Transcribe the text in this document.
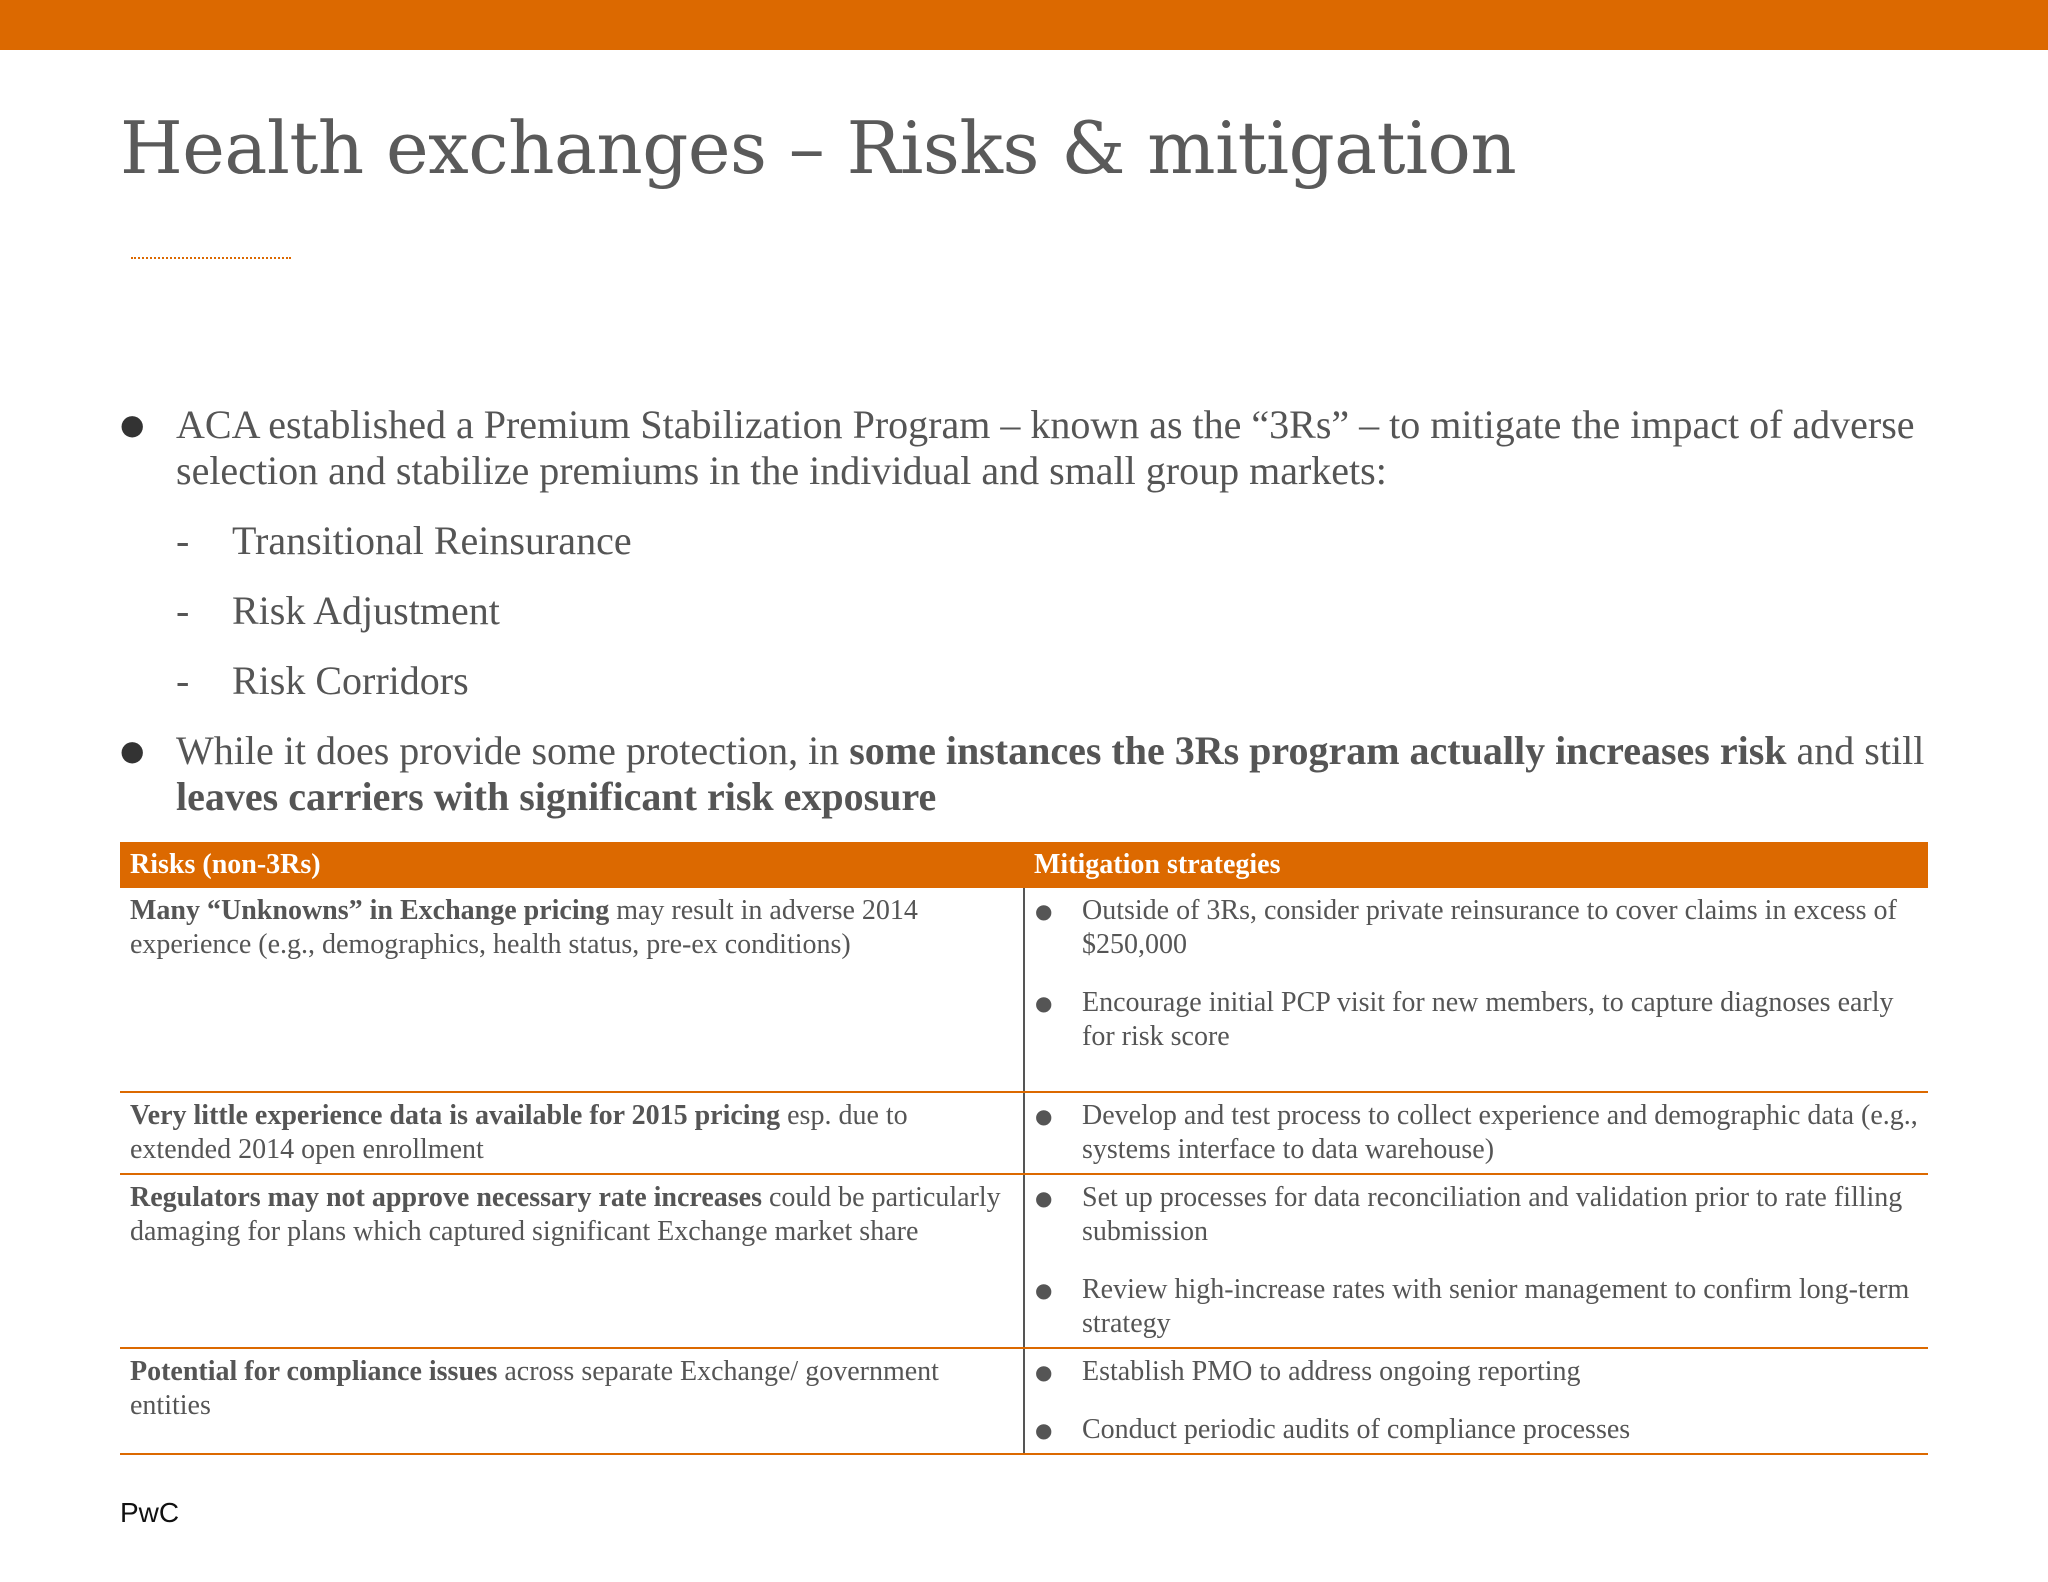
Health exchanges – Risks & mitigation
● ACA established a Premium Stabilization Program – known as the “3Rs” – to mitigate the impact of adverse selection and stabilize premiums in the individual and small group markets:
- Transitional Reinsurance
- Risk Adjustment
- Risk Corridors
● While it does provide some protection, in some instances the 3Rs program actually increases risk and still leaves carriers with significant risk exposure
Risks (non-3Rs)	Mitigation strategies
Many “Unknowns” in Exchange pricing may result in adverse 2014 experience (e.g., demographics, health status, pre-ex conditions)	● Outside of 3Rs, consider private reinsurance to cover claims in excess of $250,000
● Encourage initial PCP visit for new members, to capture diagnoses early for risk score

Very little experience data is available for 2015 pricing esp. due to extended 2014 open enrollment	● Develop and test process to collect experience and demographic data (e.g., systems interface to data warehouse)

Regulators may not approve necessary rate increases could be particularly damaging for plans which captured significant Exchange market share	● Set up processes for data reconciliation and validation prior to rate filling submission
● Review high-increase rates with senior management to confirm long-term strategy

Potential for compliance issues across separate Exchange/ government entities	● Establish PMO to address ongoing reporting
● Conduct periodic audits of compliance processes
PwC
